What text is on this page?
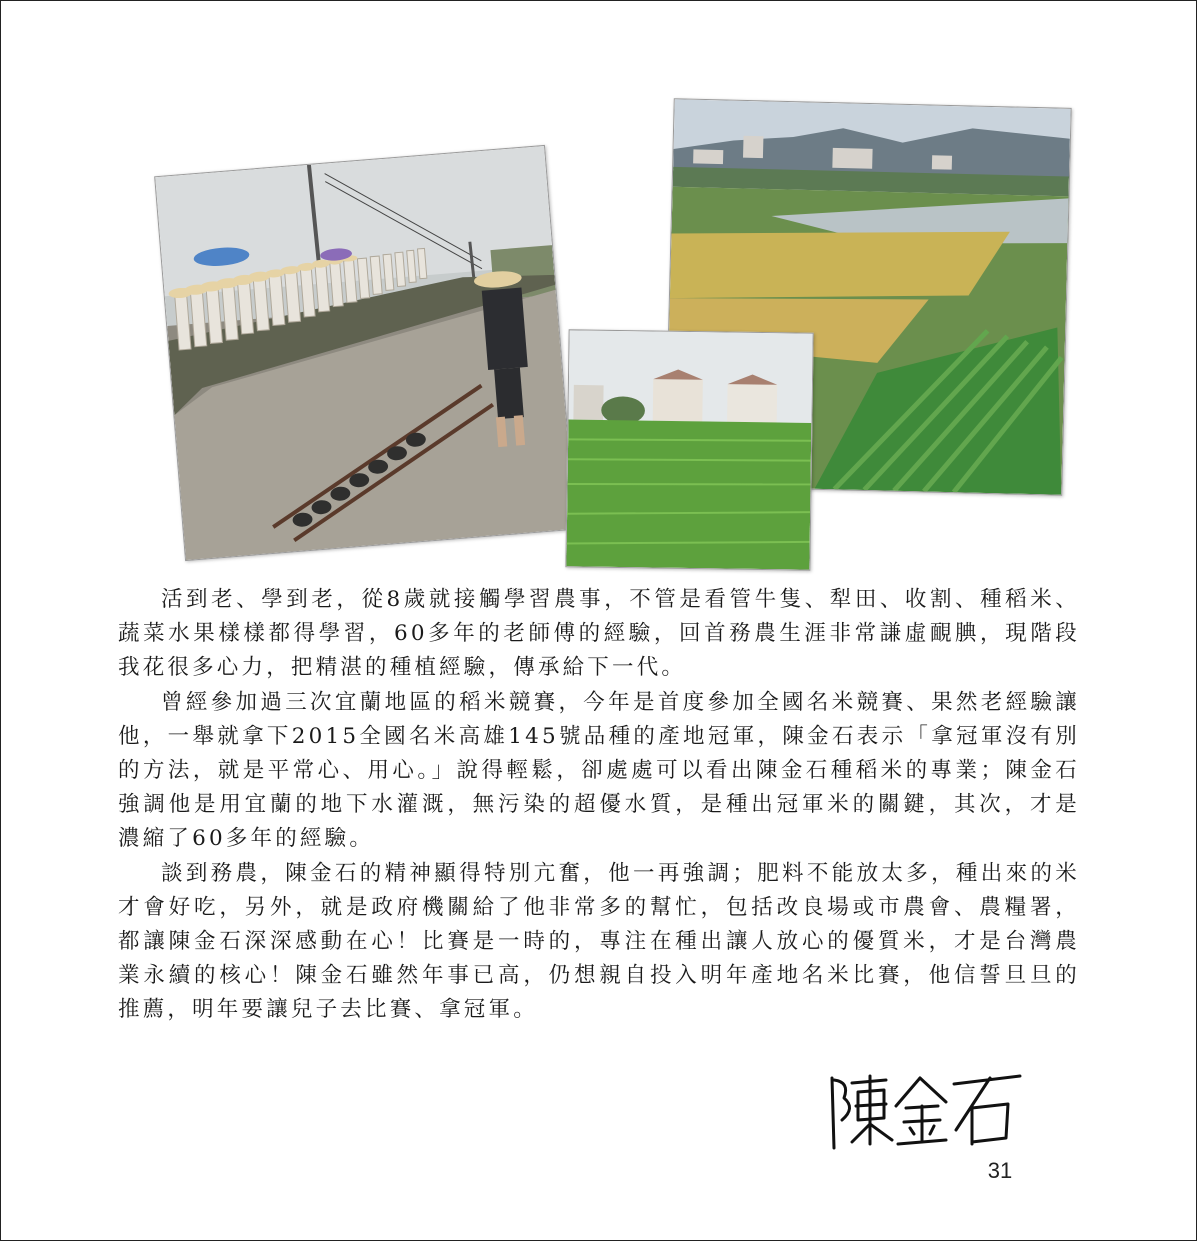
活到老、學到老，從8歲就接觸學習農事，不管是看管牛隻、犁田、收割、種稻米、蔬菜水果樣樣都得學習，60多年的老師傅的經驗，回首務農生涯非常謙虛靦腆，現階段我花很多心力，把精湛的種植經驗，傳承給下一代。

曾經參加過三次宜蘭地區的稻米競賽，今年是首度參加全國名米競賽、果然老經驗讓他，一舉就拿下2015全國名米高雄145號品種的產地冠軍，陳金石表示「拿冠軍沒有別的方法，就是平常心、用心。」說得輕鬆，卻處處可以看出陳金石種稻米的專業；陳金石強調他是用宜蘭的地下水灌溉，無污染的超優水質，是種出冠軍米的關鍵，其次，才是濃縮了60多年的經驗。

談到務農，陳金石的精神顯得特別亢奮，他一再強調；肥料不能放太多，種出來的米才會好吃，另外，就是政府機關給了他非常多的幫忙，包括改良場或市農會、農糧署，都讓陳金石深深感動在心！比賽是一時的，專注在種出讓人放心的優質米，才是台灣農業永續的核心！陳金石雖然年事已高，仍想親自投入明年產地名米比賽，他信誓旦旦的推薦，明年要讓兒子去比賽、拿冠軍。

31
